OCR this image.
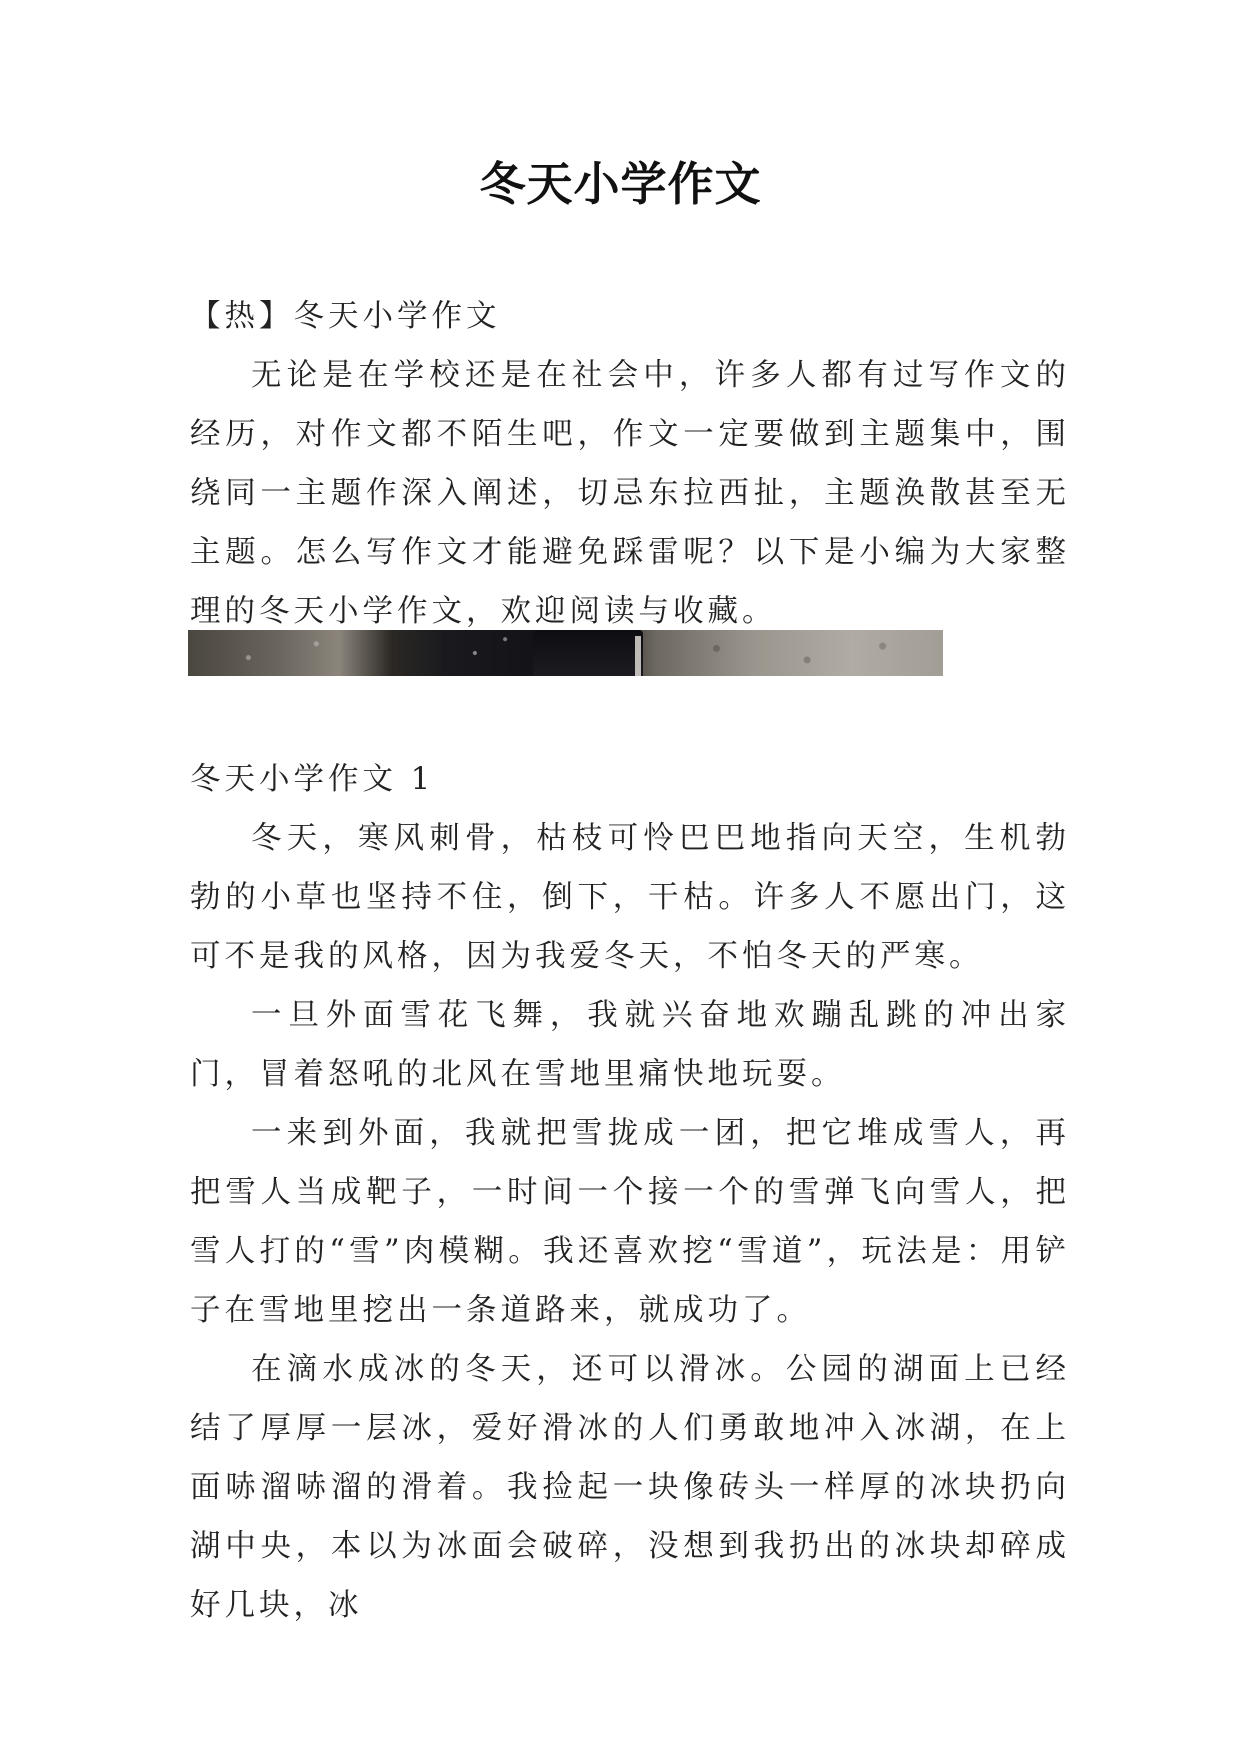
冬天小学作文

【热】冬天小学作文

无论是在学校还是在社会中，许多人都有过写作文的经历，对作文都不陌生吧，作文一定要做到主题集中，围绕同一主题作深入阐述，切忌东拉西扯，主题涣散甚至无主题。怎么写作文才能避免踩雷呢？以下是小编为大家整理的冬天小学作文，欢迎阅读与收藏。

冬天小学作文 1

冬天，寒风刺骨，枯枝可怜巴巴地指向天空，生机勃勃的小草也坚持不住，倒下，干枯。许多人不愿出门，这可不是我的风格，因为我爱冬天，不怕冬天的严寒。

一旦外面雪花飞舞，我就兴奋地欢蹦乱跳的冲出家门，冒着怒吼的北风在雪地里痛快地玩耍。

一来到外面，我就把雪拢成一团，把它堆成雪人，再把雪人当成靶子，一时间一个接一个的雪弹飞向雪人，把雪人打的“雪”肉模糊。我还喜欢挖“雪道”，玩法是：用铲子在雪地里挖出一条道路来，就成功了。

在滴水成冰的冬天，还可以滑冰。公园的湖面上已经结了厚厚一层冰，爱好滑冰的人们勇敢地冲入冰湖，在上面哧溜哧溜的滑着。我捡起一块像砖头一样厚的冰块扔向湖中央，本以为冰面会破碎，没想到我扔出的冰块却碎成好几块，冰
